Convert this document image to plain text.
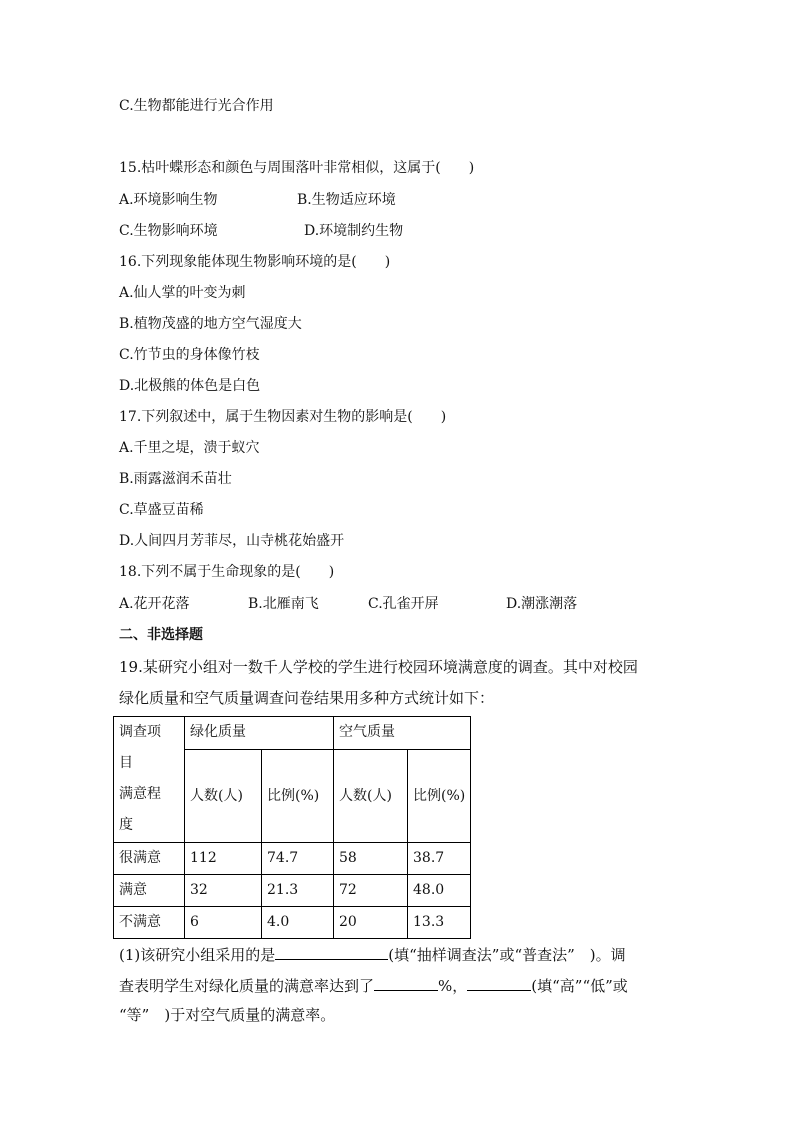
C.生物都能进行光合作用
15.枯叶蝶形态和颜色与周围落叶非常相似，这属于(　　)
A.环境影响生物	B.生物适应环境
C.生物影响环境	D.环境制约生物
16.下列现象能体现生物影响环境的是(　　)
A.仙人掌的叶变为刺
B.植物茂盛的地方空气湿度大
C.竹节虫的身体像竹枝
D.北极熊的体色是白色
17.下列叙述中，属于生物因素对生物的影响是(　　)
A.千里之堤，溃于蚁穴
B.雨露滋润禾苗壮
C.草盛豆苗稀
D.人间四月芳菲尽，山寺桃花始盛开
18.下列不属于生命现象的是(　　)
A.花开花落	B.北雁南飞	C.孔雀开屏	D.潮涨潮落
二、非选择题
19.某研究小组对一数千人学校的学生进行校园环境满意度的调查。其中对校园
绿化质量和空气质量调查问卷结果用多种方式统计如下：
调查项
目
满意程
度	绿化质量		空气质量	
	人数(人)	比例(%)	人数(人)	比例(%)
很满意	112	74.7	58	38.7
满意	32	21.3	72	48.0
不满意	6	4.0	20	13.3
(1)该研究小组采用的是	(填“抽样调查法”或“普查法”　)。调
查表明学生对绿化质量的满意率达到了	%，	(填“高”“低”或
“等”　)于对空气质量的满意率。
